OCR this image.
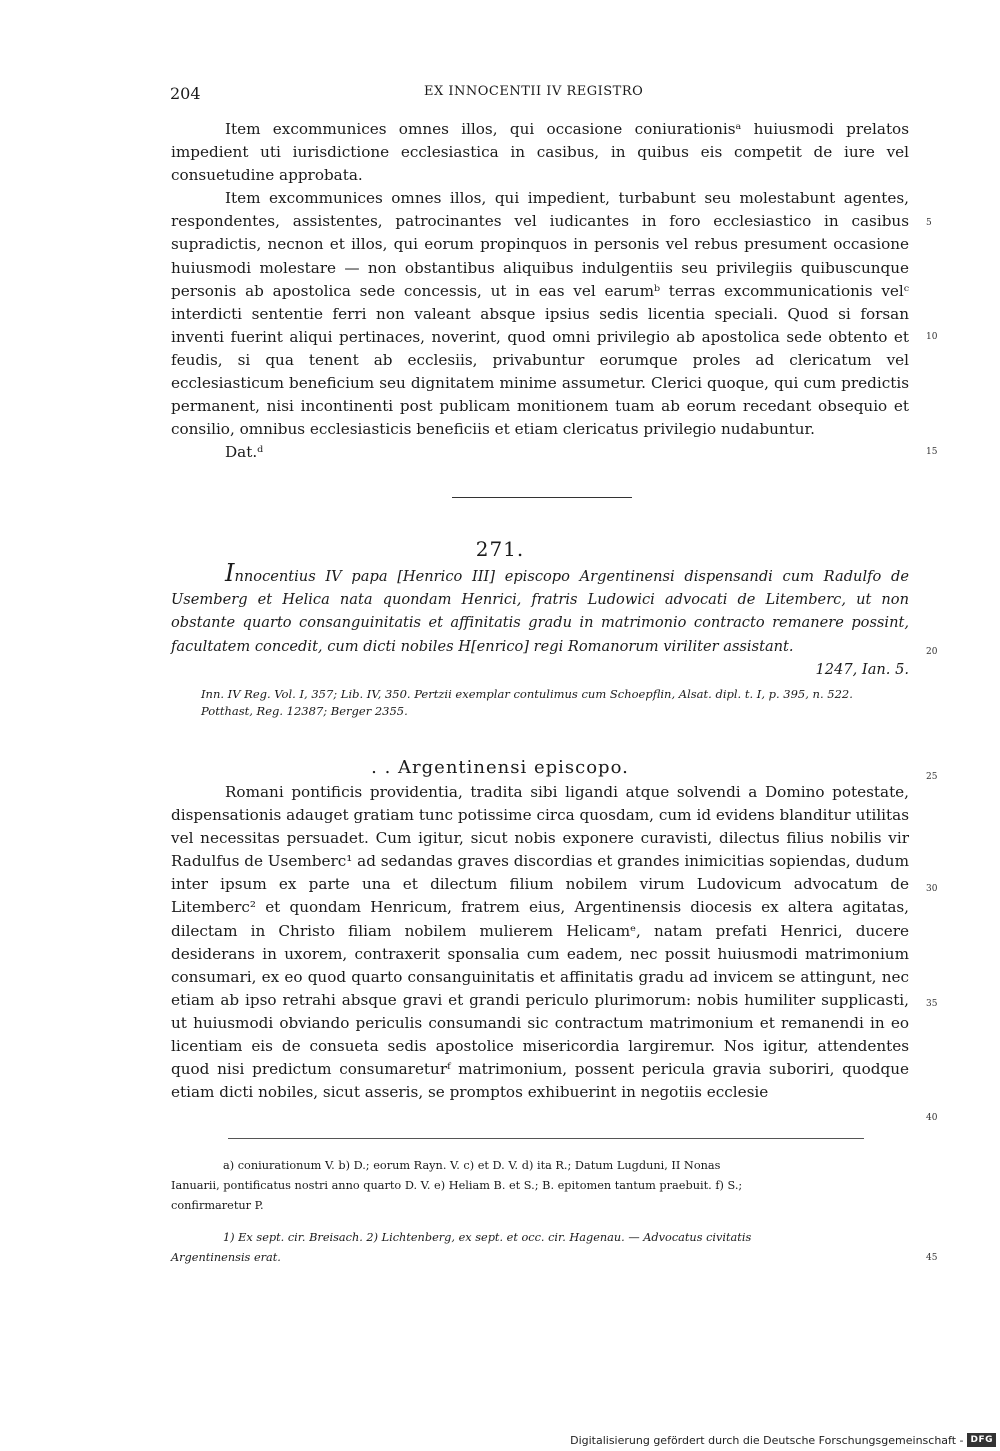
204	EX INNOCENTII IV REGISTRO

Item excommunices omnes illos, qui occasione coniurationisᵃ huiusmodi prelatos impedient uti iurisdictione ecclesiastica in casibus, in quibus eis competit de iure vel consuetudine approbata.

Item excommunices omnes illos, qui impedient, turbabunt seu molestabunt agentes, respondentes, assistentes, patrocinantes vel iudicantes in foro ecclesiastico in casibus supradictis, necnon et illos, qui eorum propinquos in personis vel rebus presument occasione huiusmodi molestare — non obstantibus aliquibus indulgentiis seu privilegiis quibuscunque personis ab apostolica sede concessis, ut in eas vel earumᵇ terras excommunicationis velᶜ interdicti sententie ferri non valeant absque ipsius sedis licentia speciali. Quod si forsan inventi fuerint aliqui pertinaces, noverint, quod omni privilegio ab apostolica sede obtento et feudis, si qua tenent ab ecclesiis, privabuntur eorumque proles ad clericatum vel ecclesiasticum beneficium seu dignitatem minime assumetur. Clerici quoque, qui cum predictis permanent, nisi incontinenti post publicam monitionem tuam ab eorum recedant obsequio et consilio, omnibus ecclesiasticis beneficiis et etiam clericatus privilegio nudabuntur.

Dat.ᵈ

271.

Innocentius IV papa [Henrico III] episcopo Argentinensi dispensandi cum Radulfo de Usemberg et Helica nata quondam Henrici, fratris Ludowici advocati de Litemberc, ut non obstante quarto consanguinitatis et affinitatis gradu in matrimonio contracto remanere possint, facultatem concedit, cum dicti nobiles H[enrico] regi Romanorum viriliter assistant.
1247, Ian. 5.

Inn. IV Reg. Vol. I, 357; Lib. IV, 350. Pertzii exemplar contulimus cum Schoepflin, Alsat. dipl. t. I, p. 395, n. 522.

Potthast, Reg. 12387; Berger 2355.

. . Argentinensi episcopo.

Romani pontificis providentia, tradita sibi ligandi atque solvendi a Domino potestate, dispensationis adauget gratiam tunc potissime circa quosdam, cum id evidens blanditur utilitas vel necessitas persuadet. Cum igitur, sicut nobis exponere curavisti, dilectus filius nobilis vir Radulfus de Usemberc¹ ad sedandas graves discordias et grandes inimicitias sopiendas, dudum inter ipsum ex parte una et dilectum filium nobilem virum Ludovicum advocatum de Litemberc² et quondam Henricum, fratrem eius, Argentinensis diocesis ex altera agitatas, dilectam in Christo filiam nobilem mulierem Helicamᵉ, natam prefati Henrici, ducere desiderans in uxorem, contraxerit sponsalia cum eadem, nec possit huiusmodi matrimonium consumari, ex eo quod quarto consanguinitatis et affinitatis gradu ad invicem se attingunt, nec etiam ab ipso retrahi absque gravi et grandi periculo plurimorum: nobis humiliter supplicasti, ut huiusmodi obviando periculis consumandi sic contractum matrimonium et remanendi in eo licentiam eis de consueta sedis apostolice misericordia largiremur. Nos igitur, attendentes quod nisi predictum consumareturᶠ matrimonium, possent pericula gravia suboriri, quodque etiam dicti nobiles, sicut asseris, se promptos exhibuerint in negotiis ecclesie

a) coniurationum V. b) D.; eorum Rayn. V. c) et D. V. d) ita R.; Datum Lugduni, II Nonas

Ianuarii, pontificatus nostri anno quarto D. V. e) Heliam B. et S.; B. epitomen tantum praebuit. f) S.;

confirmaretur P.

1) Ex sept. cir. Breisach. 2) Lichtenberg, ex sept. et occ. cir. Hagenau. — Advocatus civitatis

Argentinensis erat.

5
10
15
20
25
30
35
40
45
Digitalisierung gefördert durch die Deutsche Forschungsgemeinschaft - DFG
